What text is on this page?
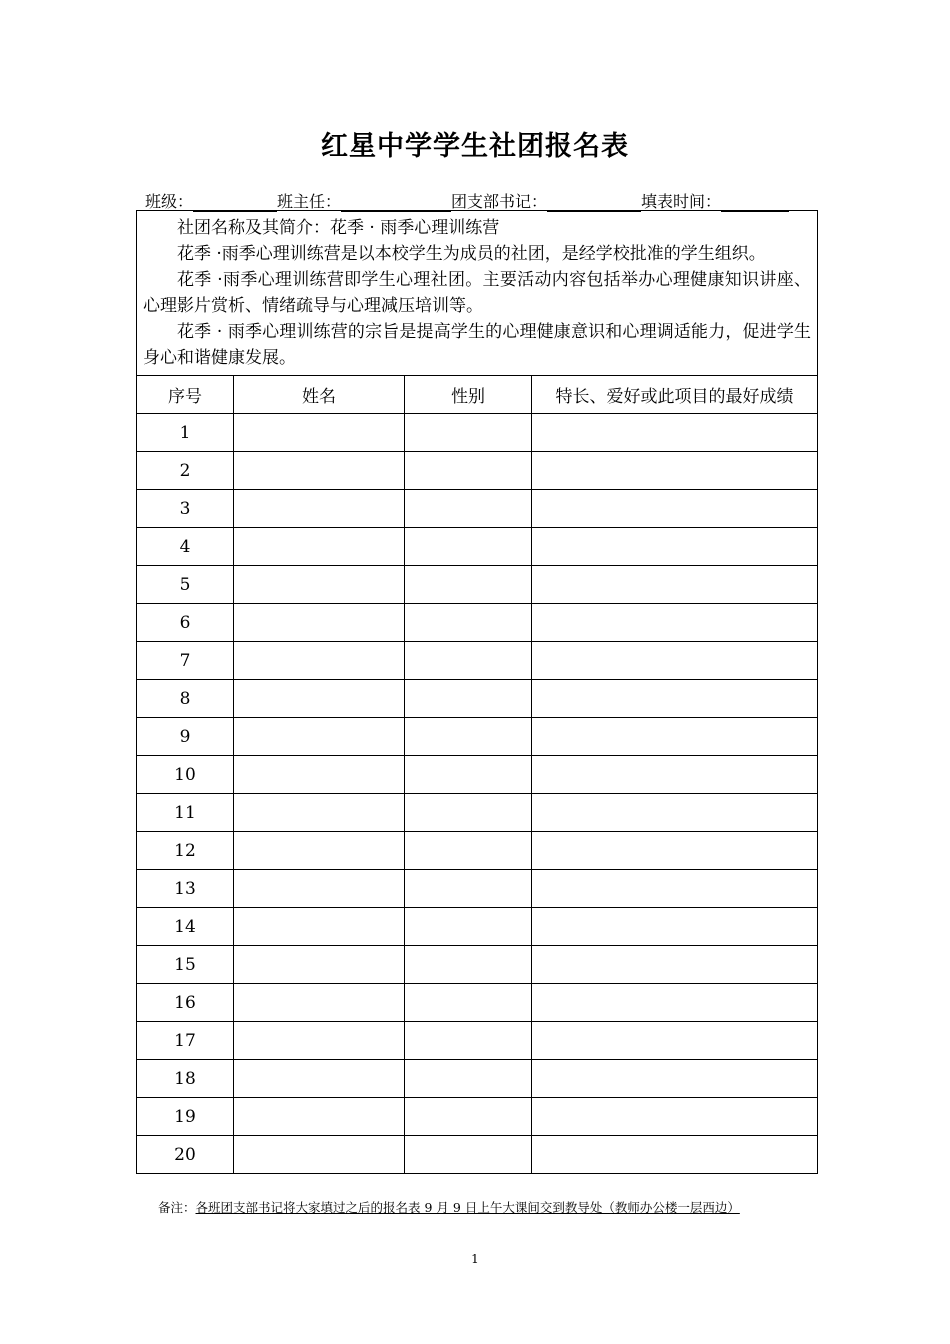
红星中学学生社团报名表
班级：	班主任：	团支部书记：	填表时间：

社团名称及其简介：花季 · 雨季心理训练营

花季 ·雨季心理训练营是以本校学生为成员的社团，是经学校批准的学生组织。

花季 ·雨季心理训练营即学生心理社团。主要活动内容包括举办心理健康知识讲座、心理影片赏析、情绪疏导与心理减压培训等。

花季 · 雨季心理训练营的宗旨是提高学生的心理健康意识和心理调适能力，促进学生身心和谐健康发展。			

序号	姓名	性别	特长、爱好或此项目的最好成绩
1			
2			
3			
4			
5			
6			
7			
8			
9			
10			
11			
12			
13			
14			
15			
16			
17			
18			
19			
20			
备注：各班团支部书记将大家填过之后的报名表 9 月 9 日上午大课间交到教导处（教师办公楼一层西边）
1
